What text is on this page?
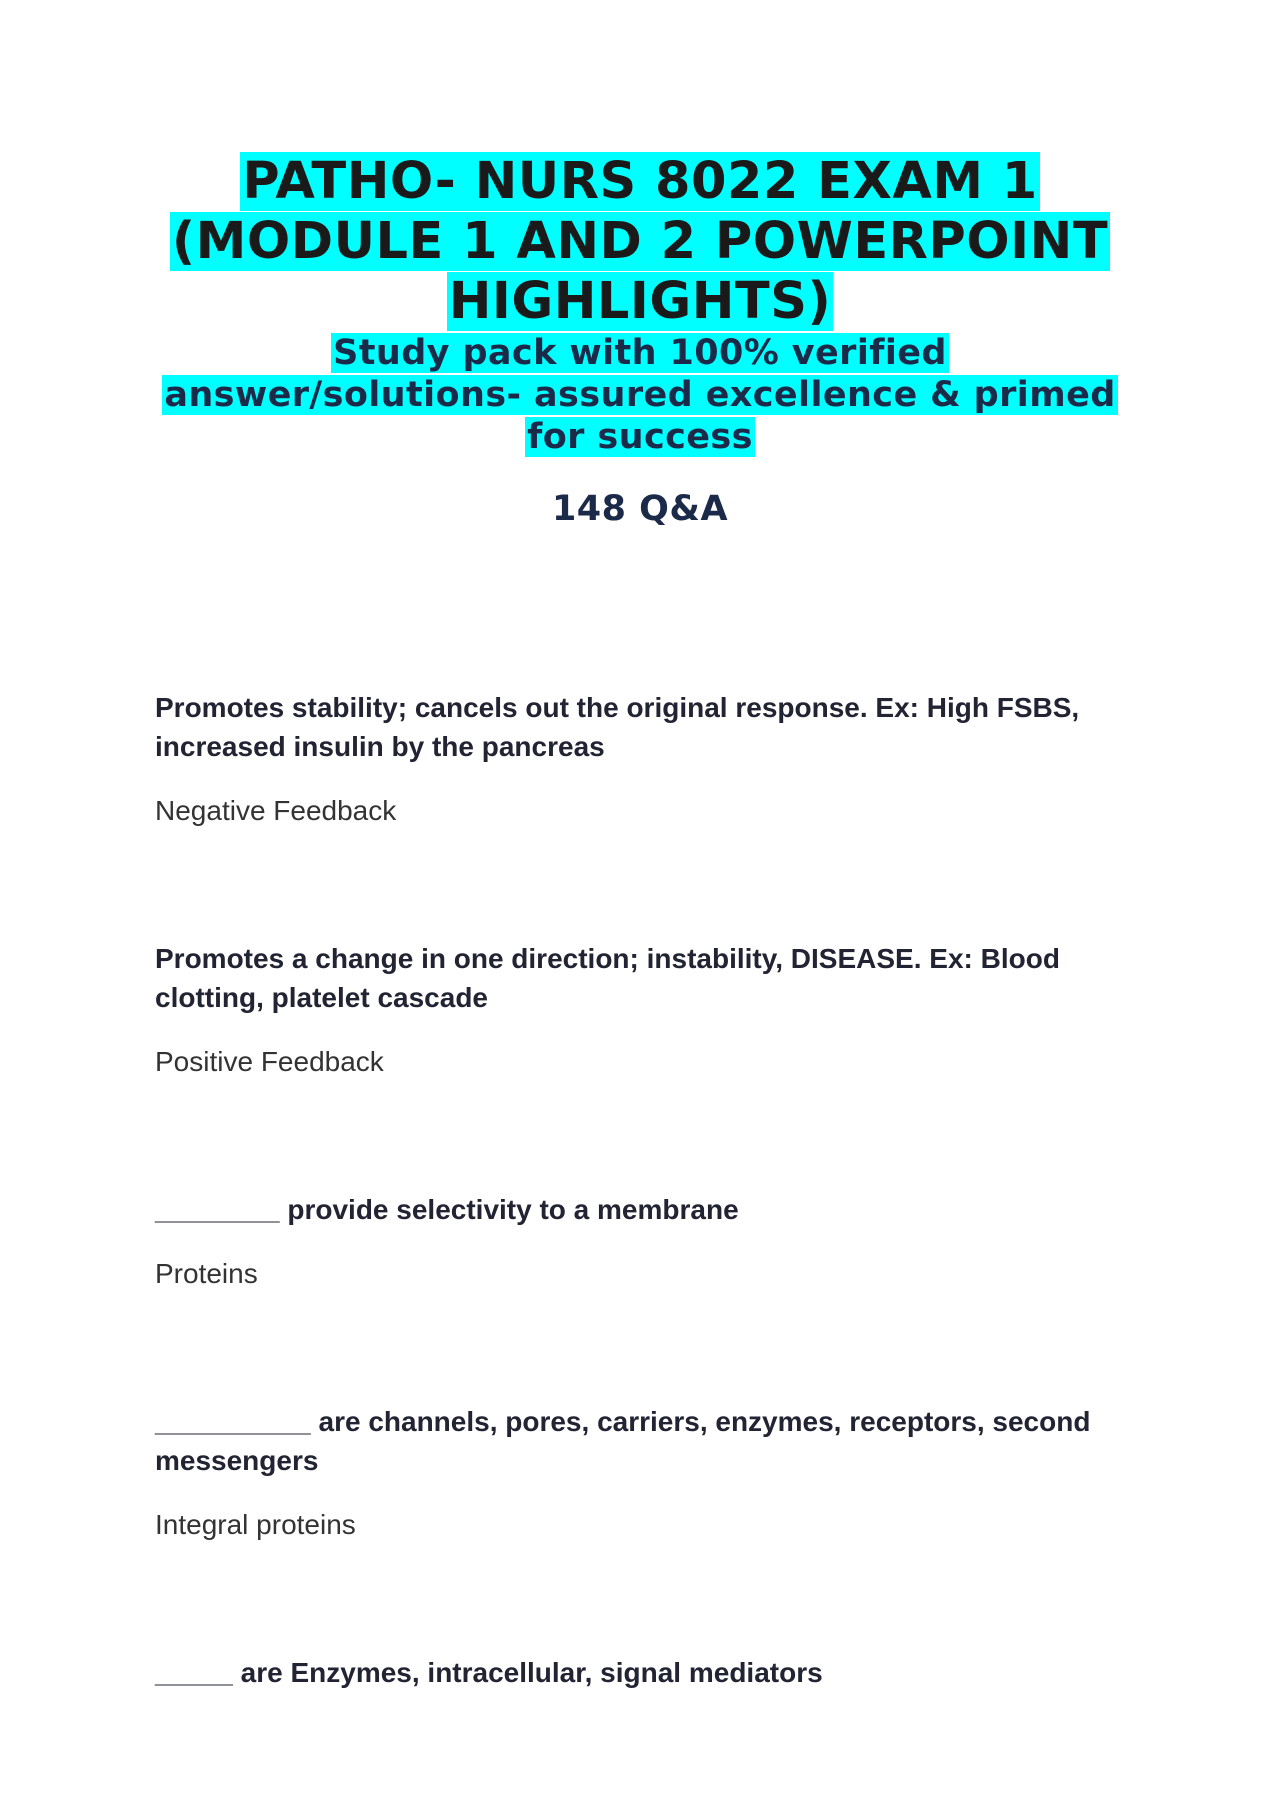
PATHO- NURS 8022 EXAM 1
(MODULE 1 AND 2 POWERPOINT
HIGHLIGHTS)
Study pack with 100% verified
answer/solutions- assured excellence & primed
for success
148 Q&A

Promotes stability; cancels out the original response. Ex: High FSBS, increased insulin by the pancreas

Negative Feedback

Promotes a change in one direction; instability, DISEASE. Ex: Blood clotting, platelet cascade

Positive Feedback

________ provide selectivity to a membrane

Proteins

__________ are channels, pores, carriers, enzymes, receptors, second messengers

Integral proteins

_____ are Enzymes, intracellular, signal mediators
